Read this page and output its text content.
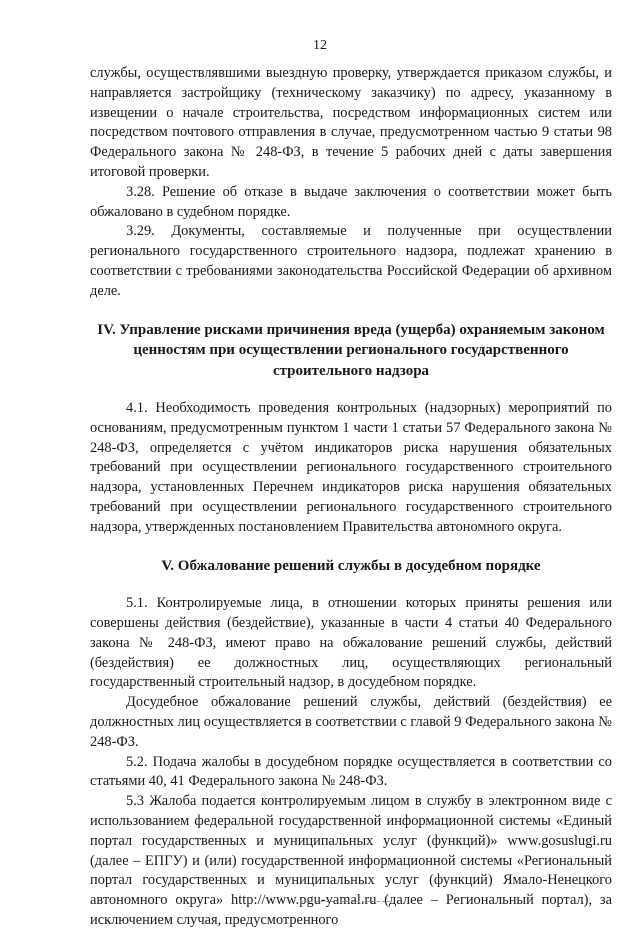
12

службы, осуществлявшими выездную проверку, утверждается приказом службы, и направляется застройщику (техническому заказчику) по адресу, указанному в извещении о начале строительства, посредством информационных систем или посредством почтового отправления в случае, предусмотренном частью 9 статьи 98 Федерального закона № 248-ФЗ, в течение 5 рабочих дней с даты завершения итоговой проверки.

3.28. Решение об отказе в выдаче заключения о соответствии может быть обжаловано в судебном порядке.

3.29. Документы, составляемые и полученные при осуществлении регионального государственного строительного надзора, подлежат хранению в соответствии с требованиями законодательства Российской Федерации об архивном деле.

IV. Управление рисками причинения вреда (ущерба) охраняемым законом ценностям при осуществлении регионального государственного строительного надзора

4.1. Необходимость проведения контрольных (надзорных) мероприятий по основаниям, предусмотренным пунктом 1 части 1 статьи 57 Федерального закона № 248-ФЗ, определяется с учётом индикаторов риска нарушения обязательных требований при осуществлении регионального государственного строительного надзора, установленных Перечнем индикаторов риска нарушения обязательных требований при осуществлении регионального государственного строительного надзора, утвержденных постановлением Правительства автономного округа.

V. Обжалование решений службы в досудебном порядке

5.1. Контролируемые лица, в отношении которых приняты решения или совершены действия (бездействие), указанные в части 4 статьи 40 Федерального закона № 248-ФЗ, имеют право на обжалование решений службы, действий (бездействия) ее должностных лиц, осуществляющих региональный государственный строительный надзор, в досудебном порядке.

Досудебное обжалование решений службы, действий (бездействия) ее должностных лиц осуществляется в соответствии с главой 9 Федерального закона № 248-ФЗ.

5.2. Подача жалобы в досудебном порядке осуществляется в соответствии со статьями 40, 41 Федерального закона № 248-ФЗ.

5.3 Жалоба подается контролируемым лицом в службу в электронном виде с использованием федеральной государственной информационной системы «Единый портал государственных и муниципальных услуг (функций)» www.gosuslugi.ru (далее – ЕПГУ) и (или) государственной информационной системы «Региональный портал государственных и муниципальных услуг (функций) Ямало-Ненецкого автономного округа» http://www.pgu-yamal.ru (далее – Региональный портал), за исключением случая, предусмотренного
